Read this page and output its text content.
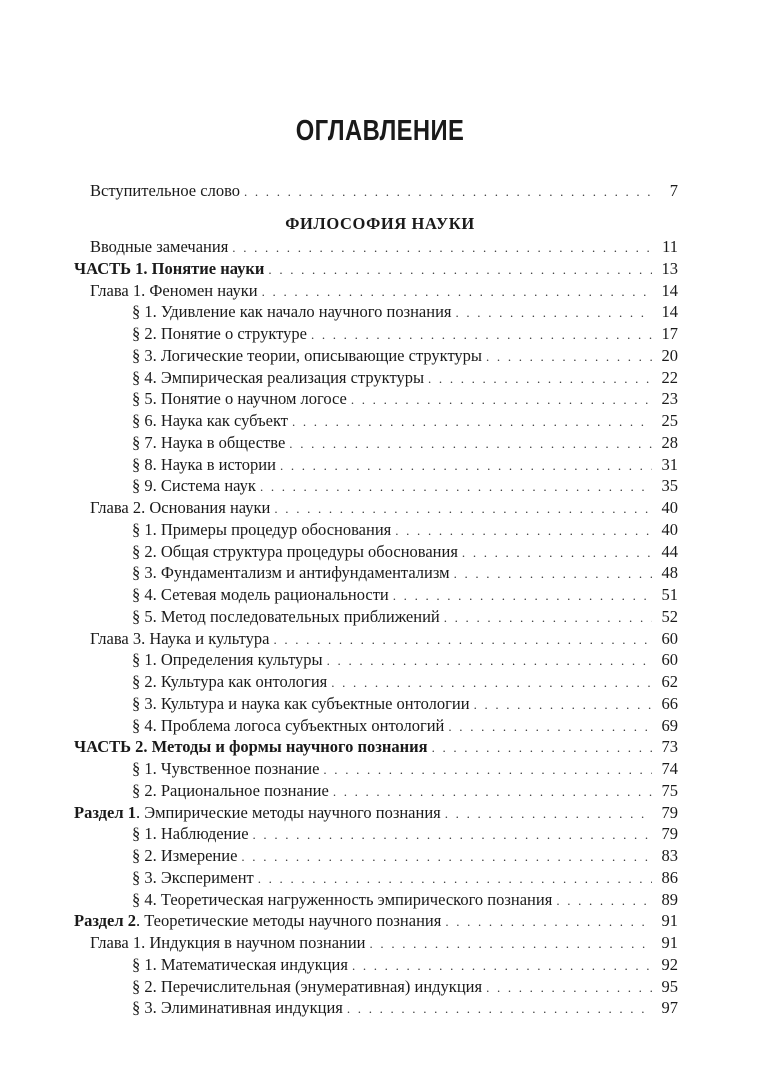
ОГЛАВЛЕНИЕ
Вступительное слово . . .	7
ФИЛОСОФИЯ НАУКИ
Вводные замечания . . .	11
ЧАСТЬ 1. Понятие науки . . .	13
Глава 1. Феномен науки . . .	14
§ 1. Удивление как начало научного познания . . .	14
§ 2. Понятие о структуре . . .	17
§ 3. Логические теории, описывающие структуры . . .	20
§ 4. Эмпирическая реализация структуры . . .	22
§ 5. Понятие о научном логосе . . .	23
§ 6. Наука как субъект . . .	25
§ 7. Наука в обществе . . .	28
§ 8. Наука в истории . . .	31
§ 9. Система наук . . .	35
Глава 2. Основания науки . . .	40
§ 1. Примеры процедур обоснования . . .	40
§ 2. Общая структура процедуры обоснования . . .	44
§ 3. Фундаментализм и антифундаментализм . . .	48
§ 4. Сетевая модель рациональности . . .	51
§ 5. Метод последовательных приближений . . .	52
Глава 3. Наука и культура . . .	60
§ 1. Определения культуры . . .	60
§ 2. Культура как онтология . . .	62
§ 3. Культура и наука как субъектные онтологии . . .	66
§ 4. Проблема логоса субъектных онтологий . . .	69
ЧАСТЬ 2. Методы и формы научного познания . . .	73
§ 1. Чувственное познание . . .	74
§ 2. Рациональное познание . . .	75
Раздел 1. Эмпирические методы научного познания . . .	79
§ 1. Наблюдение . . .	79
§ 2. Измерение . . .	83
§ 3. Эксперимент . . .	86
§ 4. Теоретическая нагруженность эмпирического познания . . .	89
Раздел 2. Теоретические методы научного познания . . .	91
Глава 1. Индукция в научном познании . . .	91
§ 1. Математическая индукция . . .	92
§ 2. Перечислительная (энумеративная) индукция . . .	95
§ 3. Элиминативная индукция . . .	97
